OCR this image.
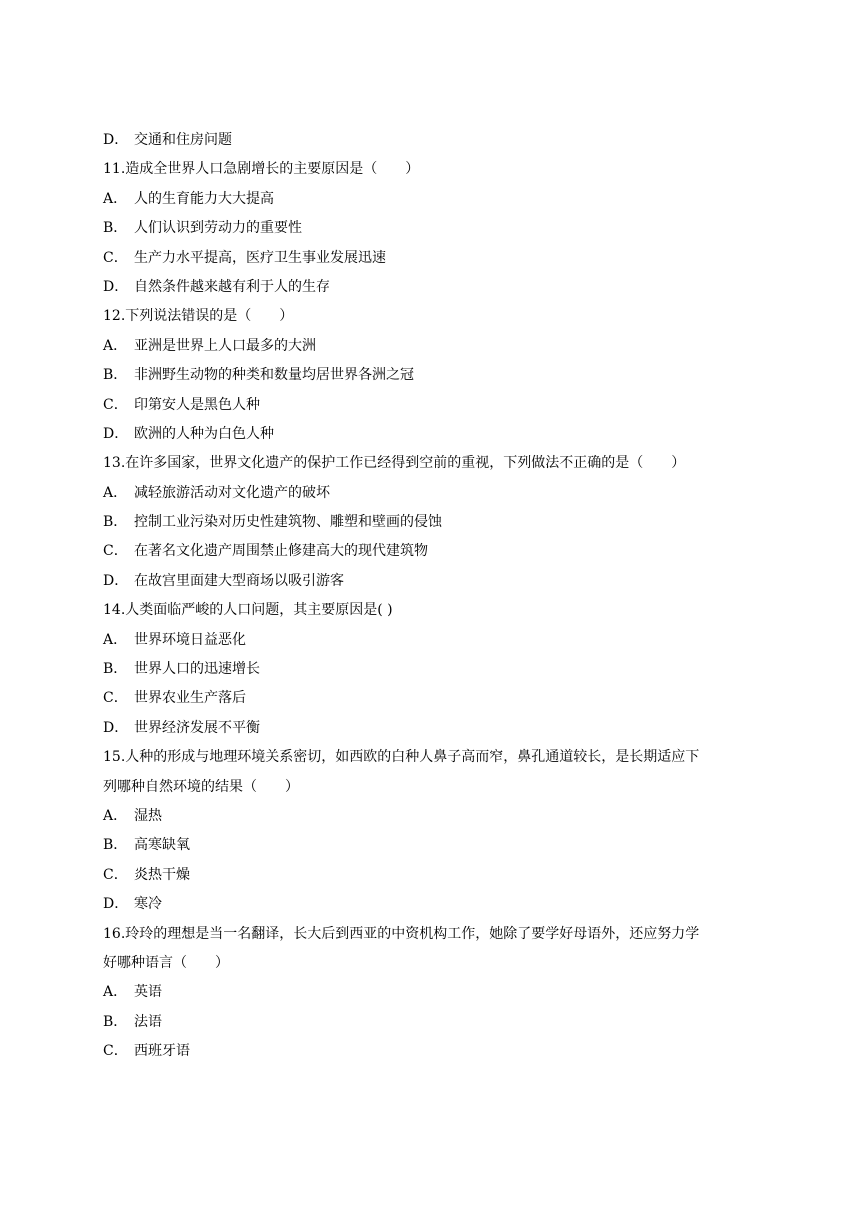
D． 交通和住房问题
11.造成全世界人口急剧增长的主要原因是（　　）
A． 人的生育能力大大提高
B． 人们认识到劳动力的重要性
C． 生产力水平提高，医疗卫生事业发展迅速
D． 自然条件越来越有利于人的生存
12.下列说法错误的是（　　）
A． 亚洲是世界上人口最多的大洲
B． 非洲野生动物的种类和数量均居世界各洲之冠
C． 印第安人是黑色人种
D． 欧洲的人种为白色人种
13.在许多国家，世界文化遗产的保护工作已经得到空前的重视，下列做法不正确的是（　　）
A． 减轻旅游活动对文化遗产的破坏
B． 控制工业污染对历史性建筑物、雕塑和壁画的侵蚀
C． 在著名文化遗产周围禁止修建高大的现代建筑物
D． 在故宫里面建大型商场以吸引游客
14.人类面临严峻的人口问题，其主要原因是( )
A． 世界环境日益恶化
B． 世界人口的迅速增长
C． 世界农业生产落后
D． 世界经济发展不平衡
15.人种的形成与地理环境关系密切，如西欧的白种人鼻子高而窄，鼻孔通道较长，是长期适应下
列哪种自然环境的结果（　　）
A． 湿热
B． 高寒缺氧
C． 炎热干燥
D． 寒冷
16.玲玲的理想是当一名翻译，长大后到西亚的中资机构工作，她除了要学好母语外，还应努力学
好哪种语言（　　）
A． 英语
B． 法语
C． 西班牙语
